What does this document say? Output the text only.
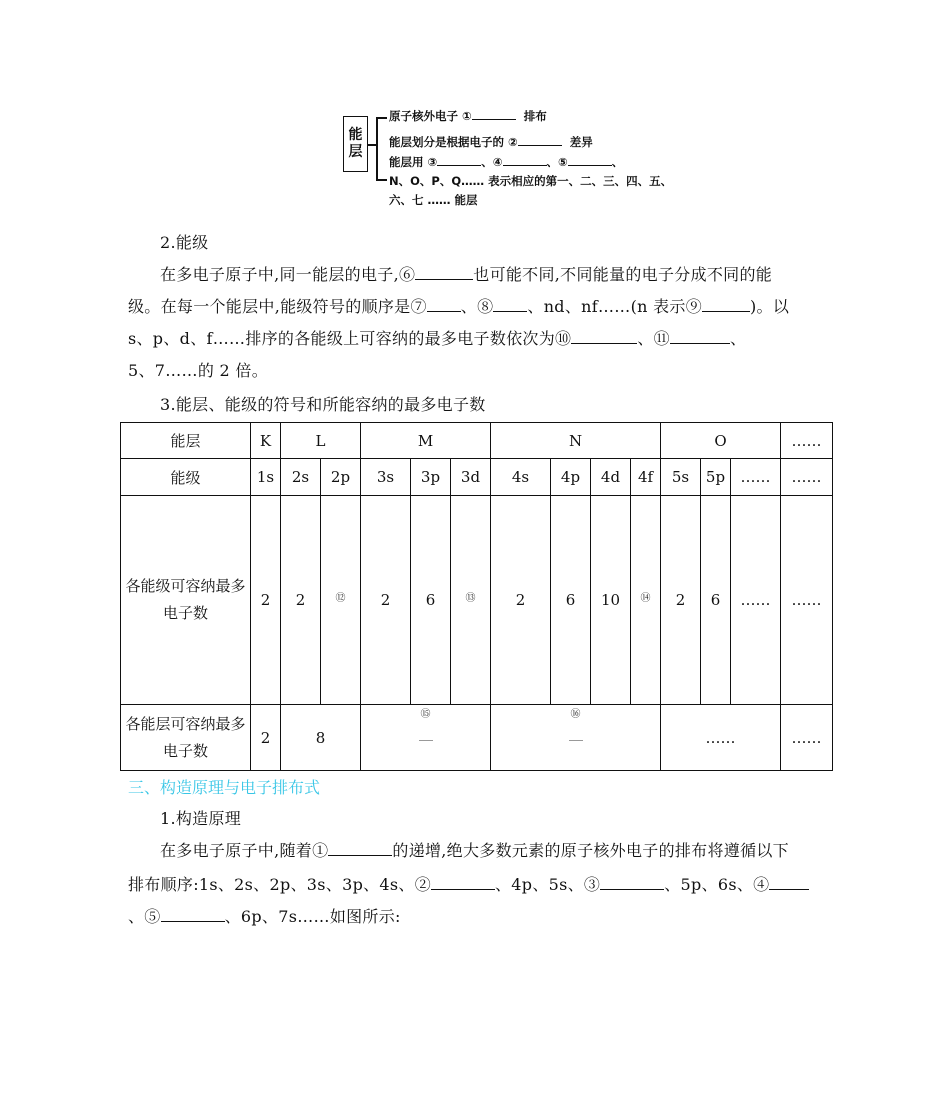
能
层
原子核外电子 ①	排布
能层划分是根据电子的 ②	差异
能层用 ③	、④	、⑤	、
N、O、P、Q…… 表示相应的第一、二、三、四、五、
六、七 …… 能层
2.能级
在多电子原子中,同一能层的电子,⑥	也可能不同,不同能量的电子分成不同的能
级。在每一个能层中,能级符号的顺序是⑦ 、⑧ 、nd、nf……(n 表示⑨	)。以
s、p、d、f……排序的各能级上可容纳的最多电子数依次为⑩	、⑪	、
5、7……的 2 倍。
3.能层、能级的符号和所能容纳的最多电子数
能层	K	L		M			N				O			……
能级	1s	2s	2p	3s	3p	3d	4s	4p	4d	4f	5s	5p	……	……
各能级可容纳最多电子数	2	2	⑫	2	6	⑬	2	6	10	⑭	2	6	……	……
各能层可容纳最多电子数	2	8		⑮			⑯				……			……
三、构造原理与电子排布式
1.构造原理
在多电子原子中,随着①	的递增,绝大多数元素的原子核外电子的排布将遵循以下
排布顺序:1s、2s、2p、3s、3p、4s、②	、4p、5s、③	、5p、6s、④
、⑤	、6p、7s……如图所示:
